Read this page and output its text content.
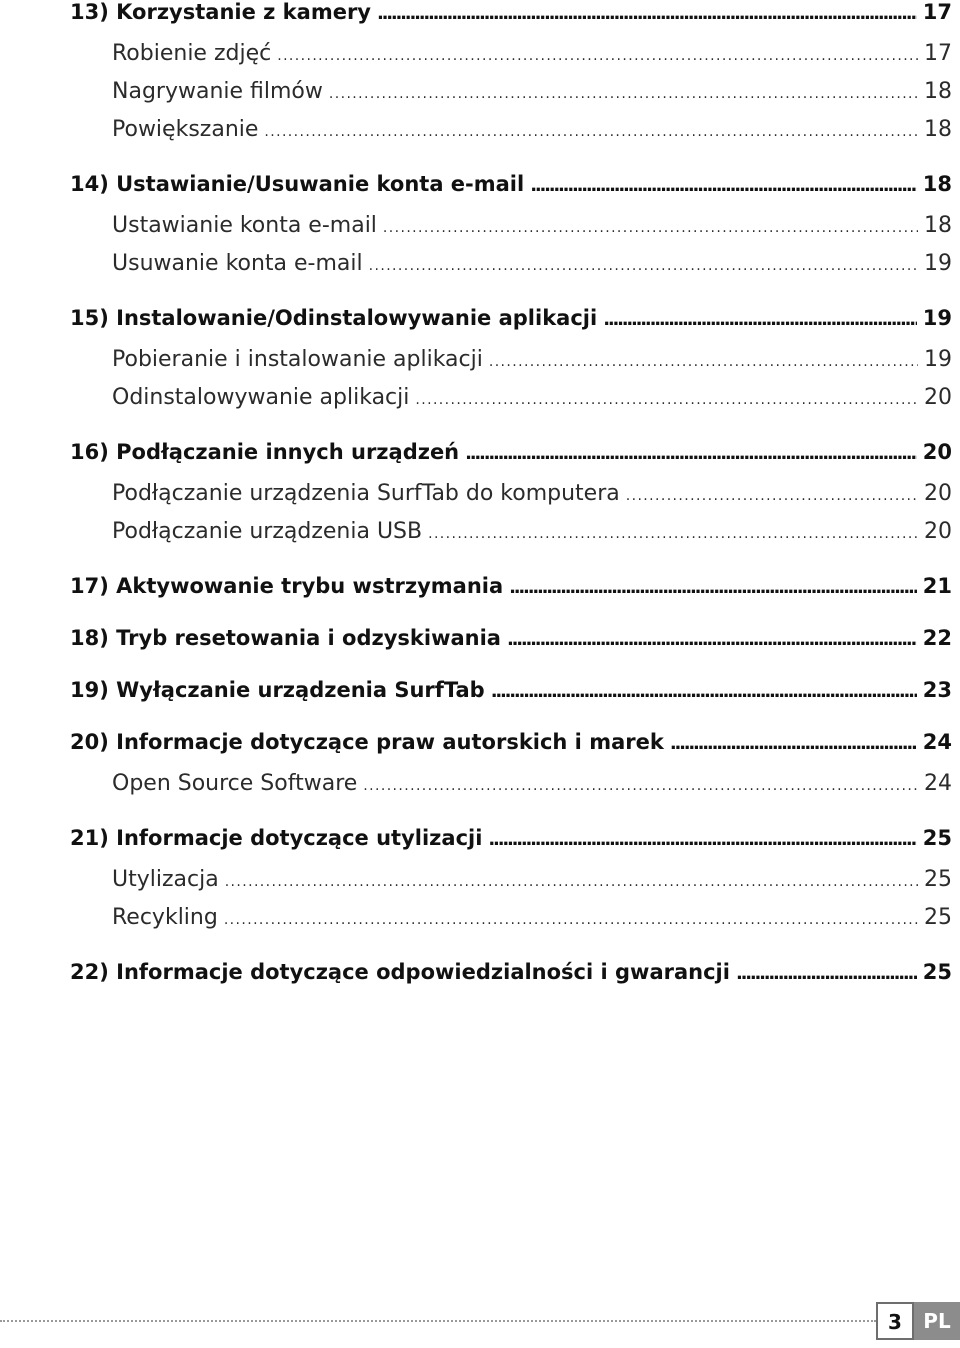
13) Korzystanie z kamery .....	17
Robienie zdjęć .....	17
Nagrywanie filmów .....	18
Powiększanie .....	18
14) Ustawianie/Usuwanie konta e-mail .....	18
Ustawianie konta e-mail .....	18
Usuwanie konta e-mail .....	19
15) Instalowanie/Odinstalowywanie aplikacji .....	19
Pobieranie i instalowanie aplikacji .....	19
Odinstalowywanie aplikacji .....	20
16) Podłączanie innych urządzeń .....	20
Podłączanie urządzenia SurfTab do komputera .....	20
Podłączanie urządzenia USB .....	20
17) Aktywowanie trybu wstrzymania .....	21
18) Tryb resetowania i odzyskiwania .....	22
19) Wyłączanie urządzenia SurfTab .....	23
20) Informacje dotyczące praw autorskich i marek .....	24
Open Source Software .....	24
21) Informacje dotyczące utylizacji .....	25
Utylizacja .....	25
Recykling .....	25
22) Informacje dotyczące odpowiedzialności i gwarancji .....	25
3	PL
